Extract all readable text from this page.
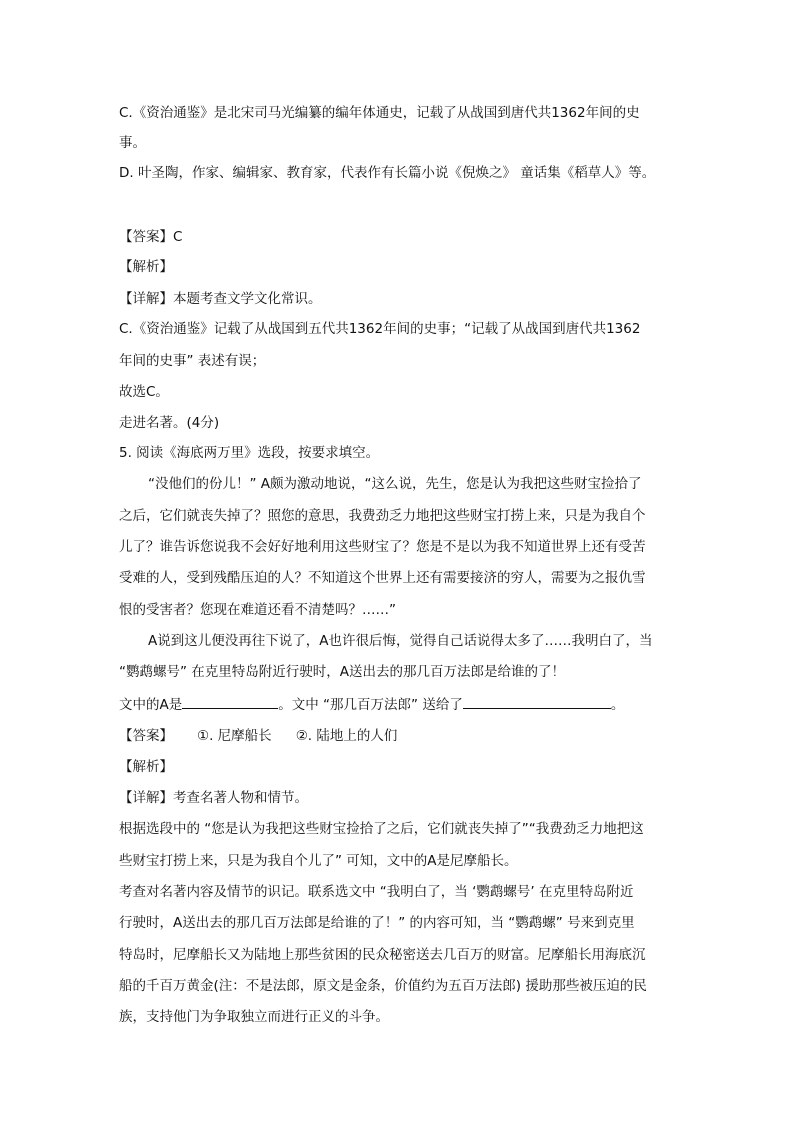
C.《资治通鉴》是北宋司马光编纂的编年体通史，记载了从战国到唐代共1362年间的史
事。
D. 叶圣陶，作家、编辑家、教育家，代表作有长篇小说《倪焕之》 童话集《稻草人》等。
【答案】C
【解析】
【详解】本题考查文学文化常识。
C.《资治通鉴》记载了从战国到五代共1362年间的史事；“记载了从战国到唐代共1362
年间的史事” 表述有误；
故选C。
走进名著。(4分)
5. 阅读《海底两万里》选段，按要求填空。
“没他们的份儿！” A颇为激动地说，“这么说，先生，您是认为我把这些财宝捡拾了
之后，它们就丧失掉了？照您的意思，我费劲乏力地把这些财宝打捞上来，只是为我自个
儿了？谁告诉您说我不会好好地利用这些财宝了？您是不是以为我不知道世界上还有受苦
受难的人，受到残酷压迫的人？不知道这个世界上还有需要接济的穷人，需要为之报仇雪
恨的受害者？您现在难道还看不清楚吗？……”
A说到这儿便没再往下说了，A也许很后悔，觉得自己话说得太多了……我明白了，当
“鹦鹉螺号” 在克里特岛附近行驶时，A送出去的那几百万法郎是给谁的了！
文中的A是	。文中 “那几百万法郎” 送给了	。
【答案】 ①. 尼摩船长 ②. 陆地上的人们
【解析】
【详解】考查名著人物和情节。
根据选段中的 “您是认为我把这些财宝捡拾了之后，它们就丧失掉了”“我费劲乏力地把这
些财宝打捞上来，只是为我自个儿了” 可知，文中的A是尼摩船长。
考查对名著内容及情节的识记。联系选文中 “我明白了，当 ‘鹦鹉螺号’ 在克里特岛附近
行驶时，A送出去的那几百万法郎是给谁的了！” 的内容可知，当 “鹦鹉螺” 号来到克里
特岛时，尼摩船长又为陆地上那些贫困的民众秘密送去几百万的财富。尼摩船长用海底沉
船的千百万黄金(注：不是法郎，原文是金条，价值约为五百万法郎) 援助那些被压迫的民
族，支持他门为争取独立而进行正义的斗争。
